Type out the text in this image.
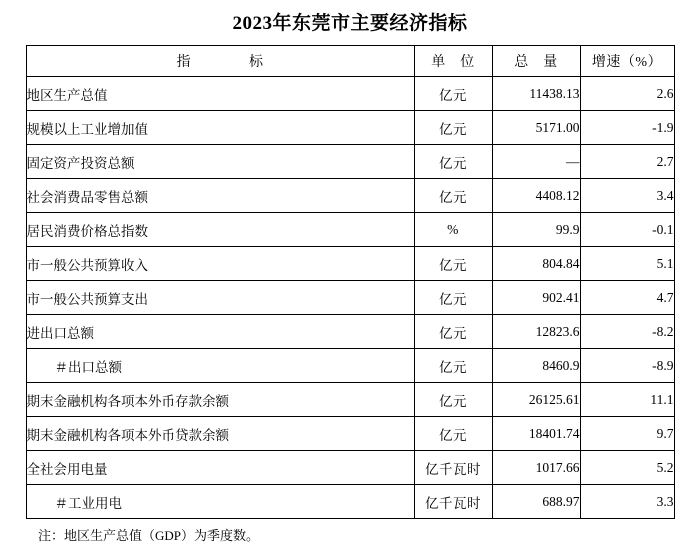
2023年东莞市主要经济指标
指　　　　标	单　位	总　量	增速（%）
地区生产总值	亿元	11438.13	2.6
规模以上工业增加值	亿元	5171.00	-1.9
固定资产投资总额	亿元	—	2.7
社会消费品零售总额	亿元	4408.12	3.4
居民消费价格总指数	%	99.9	-0.1
市一般公共预算收入	亿元	804.84	5.1
市一般公共预算支出	亿元	902.41	4.7
进出口总额	亿元	12823.6	-8.2
＃出口总额	亿元	8460.9	-8.9
期末金融机构各项本外币存款余额	亿元	26125.61	11.1
期末金融机构各项本外币贷款余额	亿元	18401.74	9.7
全社会用电量	亿千瓦时	1017.66	5.2
＃工业用电	亿千瓦时	688.97	3.3
注：地区生产总值（GDP）为季度数。
